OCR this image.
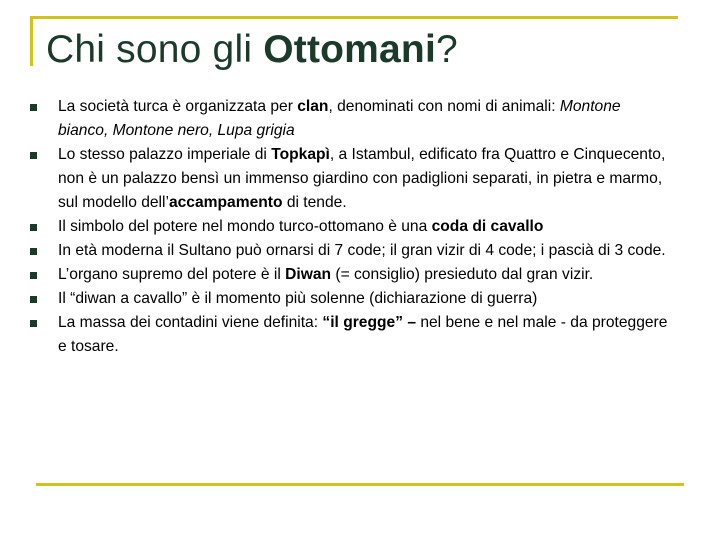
Chi sono gli Ottomani?
La società turca è organizzata per clan, denominati con nomi di animali: Montone bianco, Montone nero, Lupa grigia
Lo stesso palazzo imperiale di Topkapì, a Istambul, edificato fra Quattro e Cinquecento, non è un palazzo bensì un immenso giardino con padiglioni separati, in pietra e marmo, sul modello dell’accampamento di tende.
Il simbolo del potere nel mondo turco-ottomano è una coda di cavallo
In età moderna il Sultano può ornarsi di 7 code; il gran vizir di 4 code; i pascià di 3 code.
L’organo supremo del potere è il Diwan (= consiglio) presieduto dal gran vizir.
Il “diwan a cavallo” è il momento più solenne (dichiarazione di guerra)
La massa dei contadini viene definita: “il gregge” – nel bene e nel male - da proteggere e tosare.
